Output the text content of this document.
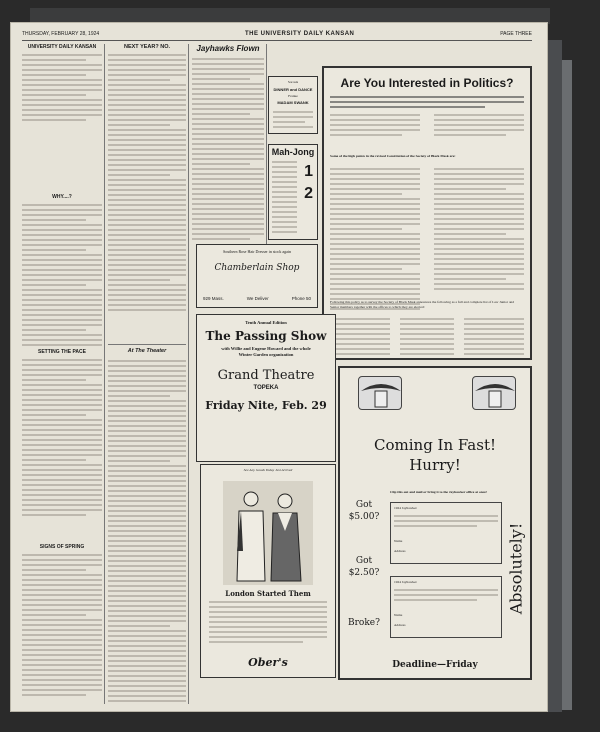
THURSDAY, FEBRUARY 28, 1924	THE UNIVERSITY DAILY KANSAN	PAGE THREE
UNIVERSITY DAILY KANSAN
WHY....?
SETTING THE PACE
SIGNS OF SPRING
NEXT YEAR? NO.
At The Theater
Jayhawks Flown
Sorosis
DINNER and DANCE
Franke
MADAM SWANK
Mah-Jong
1
2
Are You Interested in Politics?
Some of the high points in the revised Constitution of the Society of Black Mask are:
Following this policy as to survey the Society of Black Mask announces the following as a full and complete list of Law Junior and Senior members together with the offices to which they are elected:
Southern Rose Hair Dresser in stock again
Chamberlain Shop
929 Mass.	We Deliver	Phone 50
Tenth Annual Edition
The Passing Show
with Willie and Eugene Howard and the whole
Winter Garden organization
Grand Theatre
TOPEKA
Friday Nite, Feb. 29
See Any Goods Today Just Arrived
London Started Them
Ober's
Coming In Fast!
Hurry!
Absolutely!
Got
$5.00?
Got
$2.50?
Broke?
Clip this out and mail or bring it to the Jayhawker office at once!
1924 Jayhawker
Name
Address
1924 Jayhawker
Name
Address
Deadline—Friday
